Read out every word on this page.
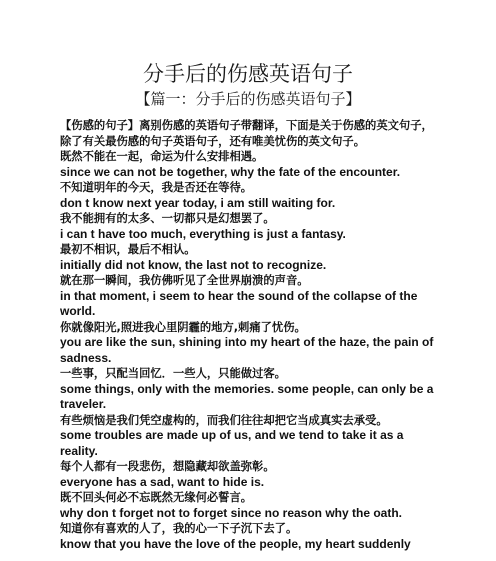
分手后的伤感英语句子
【篇一：分手后的伤感英语句子】

【伤感的句子】离别伤感的英语句子带翻译，下面是关于伤感的英文句子，除了有关最伤感的句子英语句子，还有唯美忧伤的英文句子。

既然不能在一起，命运为什么安排相遇。

since we can not be together, why the fate of the encounter.

不知道明年的今天，我是否还在等待。

don t know next year today, i am still waiting for.

我不能拥有的太多、一切都只是幻想罢了。

i can t have too much, everything is just a fantasy.

最初不相识，最后不相认。

initially did not know, the last not to recognize.

就在那一瞬间，我仿佛听见了全世界崩溃的声音。

in that moment, i seem to hear the sound of the collapse of the world.

你就像阳光,照进我心里阴霾的地方,刺痛了忧伤。

you are like the sun, shining into my heart of the haze, the pain of sadness.

一些事，只配当回忆．一些人，只能做过客。

some things, only with the memories. some people, can only be a traveler.

有些烦恼是我们凭空虚构的，而我们往往却把它当成真实去承受。

some troubles are made up of us, and we tend to take it as a reality.

每个人都有一段悲伤，想隐藏却欲盖弥彰。

everyone has a sad, want to hide is.

既不回头何必不忘既然无缘何必誓言。

why don t forget not to forget since no reason why the oath.

知道你有喜欢的人了，我的心一下子沉下去了。

know that you have the love of the people, my heart suddenly
